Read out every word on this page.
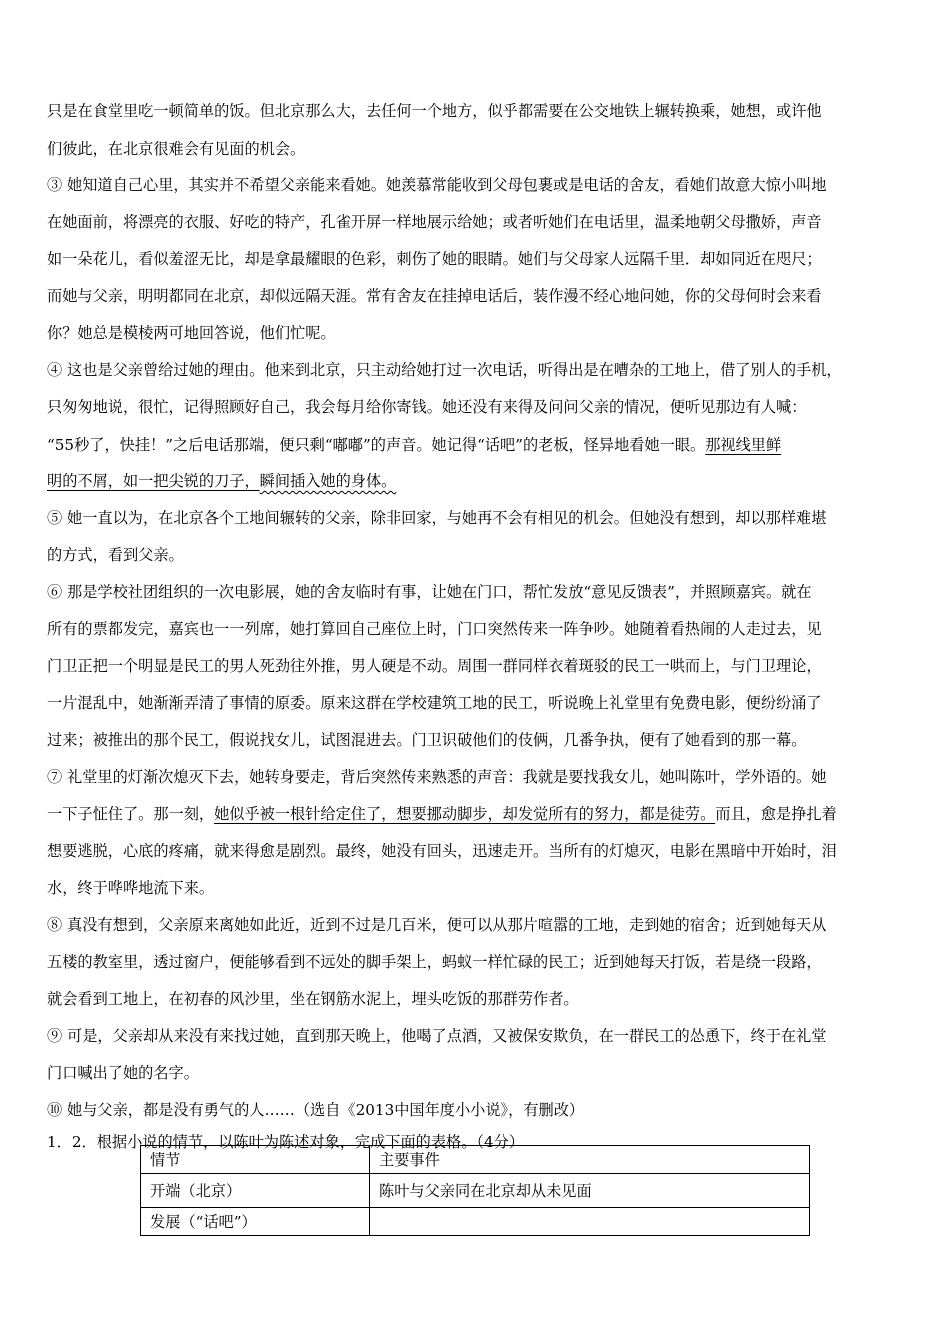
只是在食堂里吃一顿简单的饭。但北京那么大，去任何一个地方，似乎都需要在公交地铁上辗转换乘，她想，或许他
们彼此，在北京很难会有见面的机会。
③ 她知道自己心里，其实并不希望父亲能来看她。她羡慕常能收到父母包裹或是电话的舍友，看她们故意大惊小叫地
在她面前，将漂亮的衣服、好吃的特产，孔雀开屏一样地展示给她；或者听她们在电话里，温柔地朝父母撒娇，声音
如一朵花儿，看似羞涩无比，却是拿最耀眼的色彩，刺伤了她的眼睛。她们与父母家人远隔千里．却如同近在咫尺；
而她与父亲，明明都同在北京，却似远隔天涯。常有舍友在挂掉电话后，装作漫不经心地问她，你的父母何时会来看
你？她总是模棱两可地回答说，他们忙呢。
④ 这也是父亲曾给过她的理由。他来到北京，只主动给她打过一次电话，听得出是在嘈杂的工地上，借了别人的手机，
只匆匆地说，很忙，记得照顾好自己，我会每月给你寄钱。她还没有来得及问问父亲的情况，便听见那边有人喊：
“55秒了，快挂！”之后电话那端，便只剩“嘟嘟”的声音。她记得“话吧”的老板，怪异地看她一眼。那视线里鲜
明的不屑，如一把尖锐的刀子，瞬间插入她的身体。
⑤ 她一直以为，在北京各个工地间辗转的父亲，除非回家，与她再不会有相见的机会。但她没有想到，却以那样难堪
的方式，看到父亲。
⑥ 那是学校社团组织的一次电影展，她的舍友临时有事，让她在门口，帮忙发放“意见反馈表”，并照顾嘉宾。就在
所有的票都发完，嘉宾也一一列席，她打算回自己座位上时，门口突然传来一阵争吵。她随着看热闹的人走过去，见
门卫正把一个明显是民工的男人死劲往外推，男人硬是不动。周围一群同样衣着斑驳的民工一哄而上，与门卫理论，
一片混乱中，她渐渐弄清了事情的原委。原来这群在学校建筑工地的民工，听说晚上礼堂里有免费电影，便纷纷涌了
过来；被推出的那个民工，假说找女儿，试图混进去。门卫识破他们的伎俩，几番争执，便有了她看到的那一幕。
⑦ 礼堂里的灯渐次熄灭下去，她转身要走，背后突然传来熟悉的声音：我就是要找我女儿，她叫陈叶，学外语的。她
一下子怔住了。那一刻，她似乎被一根针给定住了，想要挪动脚步，却发觉所有的努力，都是徒劳。而且，愈是挣扎着
想要逃脱，心底的疼痛，就来得愈是剧烈。最终，她没有回头，迅速走开。当所有的灯熄灭，电影在黑暗中开始时，泪
水，终于哗哗地流下来。
⑧ 真没有想到，父亲原来离她如此近，近到不过是几百米，便可以从那片喧嚣的工地，走到她的宿舍；近到她每天从
五楼的教室里，透过窗户，便能够看到不远处的脚手架上，蚂蚁一样忙碌的民工；近到她每天打饭，若是绕一段路，
就会看到工地上，在初春的风沙里，坐在钢筋水泥上，埋头吃饭的那群劳作者。
⑨ 可是，父亲却从来没有来找过她，直到那天晚上，他喝了点酒，又被保安欺负，在一群民工的怂恿下，终于在礼堂
门口喊出了她的名字。
⑩ 她与父亲，都是没有勇气的人……（选自《2013中国年度小小说》，有删改）
1．2．根据小说的情节，以陈叶为陈述对象，完成下面的表格。（4分）
情节	主要事件
开端（北京）	陈叶与父亲同在北京却从未见面
发展（“话吧”）	
